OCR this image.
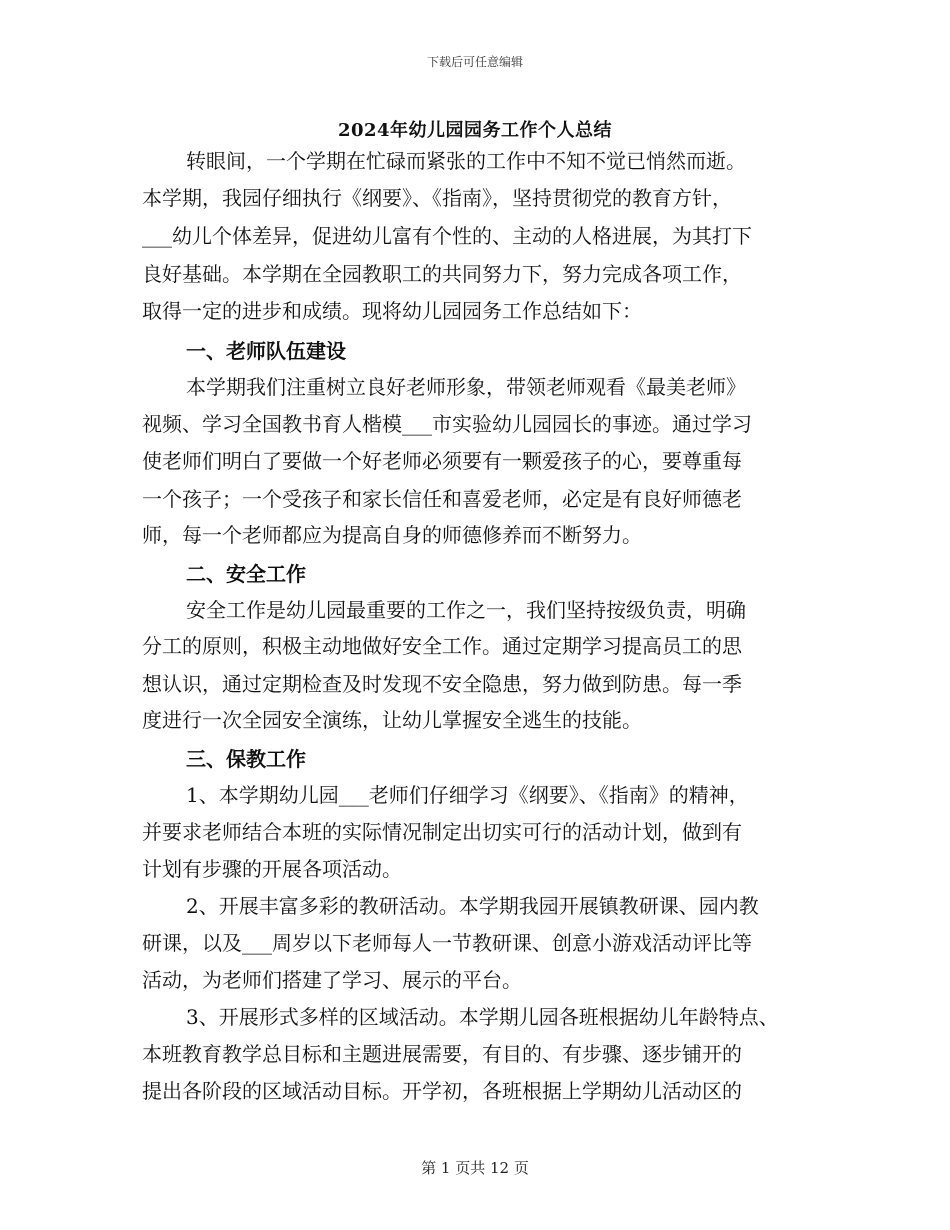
下载后可任意编辑
2024年幼儿园园务工作个人总结
转眼间，一个学期在忙碌而紧张的工作中不知不觉已悄然而逝。
本学期，我园仔细执行《纲要》、《指南》，坚持贯彻党的教育方针，
___幼儿个体差异，促进幼儿富有个性的、主动的人格进展，为其打下
良好基础。本学期在全园教职工的共同努力下，努力完成各项工作，
取得一定的进步和成绩。现将幼儿园园务工作总结如下：
一、老师队伍建设
本学期我们注重树立良好老师形象，带领老师观看《最美老师》
视频、学习全国教书育人楷模___市实验幼儿园园长的事迹。通过学习
使老师们明白了要做一个好老师必须要有一颗爱孩子的心，要尊重每
一个孩子；一个受孩子和家长信任和喜爱老师，必定是有良好师德老
师，每一个老师都应为提高自身的师德修养而不断努力。
二、安全工作
安全工作是幼儿园最重要的工作之一，我们坚持按级负责，明确
分工的原则，积极主动地做好安全工作。通过定期学习提高员工的思
想认识，通过定期检查及时发现不安全隐患，努力做到防患。每一季
度进行一次全园安全演练，让幼儿掌握安全逃生的技能。
三、保教工作
1、本学期幼儿园___老师们仔细学习《纲要》、《指南》的精神，
并要求老师结合本班的实际情况制定出切实可行的活动计划，做到有
计划有步骤的开展各项活动。
2、开展丰富多彩的教研活动。本学期我园开展镇教研课、园内教
研课，以及___周岁以下老师每人一节教研课、创意小游戏活动评比等
活动，为老师们搭建了学习、展示的平台。
3、开展形式多样的区域活动。本学期儿园各班根据幼儿年龄特点、
本班教育教学总目标和主题进展需要，有目的、有步骤、逐步铺开的
提出各阶段的区域活动目标。开学初，各班根据上学期幼儿活动区的
第 1 页共 12 页
